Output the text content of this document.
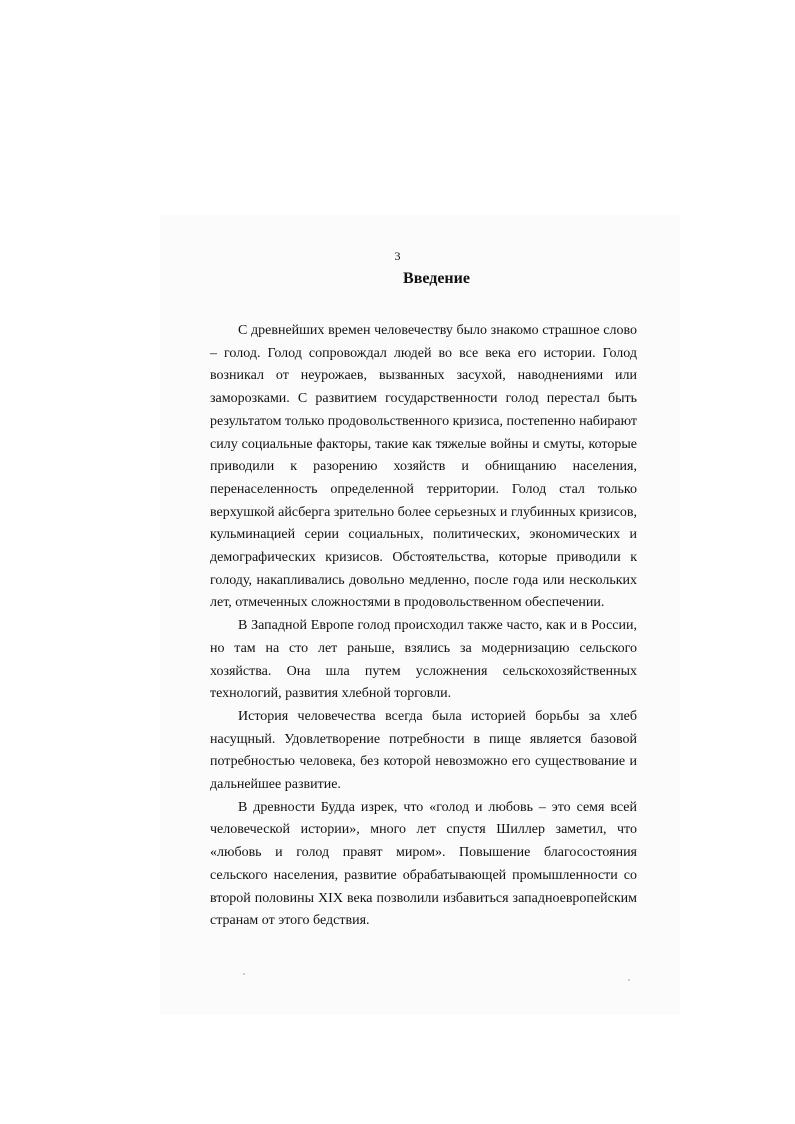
3
Введение

С древнейших времен человечеству было знакомо страшное слово – голод. Голод сопровождал людей во все века его истории. Голод возникал от неурожаев, вызванных засухой, наводнениями или заморозками. С развитием государственности голод перестал быть результатом только продовольственного кризиса, постепенно набирают силу социальные факторы, такие как тяжелые войны и смуты, которые приводили к разорению хозяйств и обнищанию населения, перенаселенность определенной территории. Голод стал только верхушкой айсберга зрительно более серьезных и глубинных кризисов, кульминацией серии социальных, политических, экономических и демографических кризисов. Обстоятельства, которые приводили к голоду, накапливались довольно медленно, после года или нескольких лет, отмеченных сложностями в продовольственном обеспечении.

В Западной Европе голод происходил также часто, как и в России, но там на сто лет раньше, взялись за модернизацию сельского хозяйства. Она шла путем усложнения сельскохозяйственных технологий, развития хлебной торговли.

История человечества всегда была историей борьбы за хлеб насущный. Удовлетворение потребности в пище является базовой потребностью человека, без которой невозможно его существование и дальнейшее развитие.

В древности Будда изрек, что «голод и любовь – это семя всей человеческой истории», много лет спустя Шиллер заметил, что «любовь и голод правят миром». Повышение благосостояния сельского населения, развитие обрабатывающей промышленности со второй половины XIX века позволили избавиться западноевропейским странам от этого бедствия.
